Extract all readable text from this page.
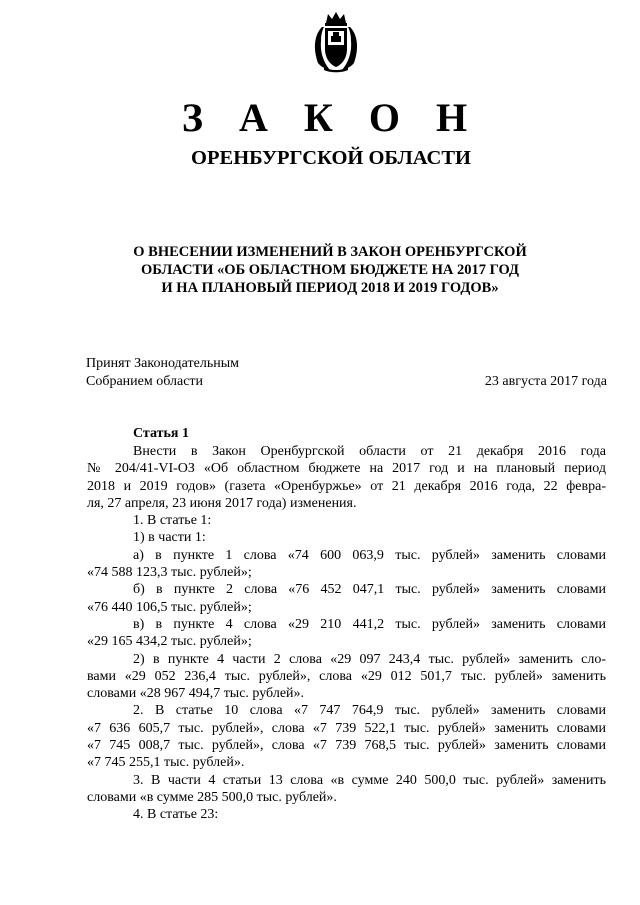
З А К О Н
ОРЕНБУРГСКОЙ ОБЛАСТИ
О ВНЕСЕНИИ ИЗМЕНЕНИЙ В ЗАКОН ОРЕНБУРГСКОЙ
ОБЛАСТИ «ОБ ОБЛАСТНОМ БЮДЖЕТЕ НА 2017 ГОД
И НА ПЛАНОВЫЙ ПЕРИОД 2018 И 2019 ГОДОВ»
Принят Законодательным
Собранием области	23 августа 2017 года
Статья 1
Внести в Закон Оренбургской области от 21 декабря 2016 года
№ 204/41-VI-ОЗ «Об областном бюджете на 2017 год и на плановый период
2018 и 2019 годов» (газета «Оренбуржье» от 21 декабря 2016 года, 22 февра-
ля, 27 апреля, 23 июня 2017 года) изменения.
1. В статье 1:
1) в части 1:
а) в пункте 1 слова «74 600 063,9 тыс. рублей» заменить словами
«74 588 123,3 тыс. рублей»;
б) в пункте 2 слова «76 452 047,1 тыс. рублей» заменить словами
«76 440 106,5 тыс. рублей»;
в) в пункте 4 слова «29 210 441,2 тыс. рублей» заменить словами
«29 165 434,2 тыс. рублей»;
2) в пункте 4 части 2 слова «29 097 243,4 тыс. рублей» заменить сло-
вами «29 052 236,4 тыс. рублей», слова «29 012 501,7 тыс. рублей» заменить
словами «28 967 494,7 тыс. рублей».
2. В статье 10 слова «7 747 764,9 тыс. рублей» заменить словами
«7 636 605,7 тыс. рублей», слова «7 739 522,1 тыс. рублей» заменить словами
«7 745 008,7 тыс. рублей», слова «7 739 768,5 тыс. рублей» заменить словами
«7 745 255,1 тыс. рублей».
3. В части 4 статьи 13 слова «в сумме 240 500,0 тыс. рублей» заменить
словами «в сумме 285 500,0 тыс. рублей».
4. В статье 23:
